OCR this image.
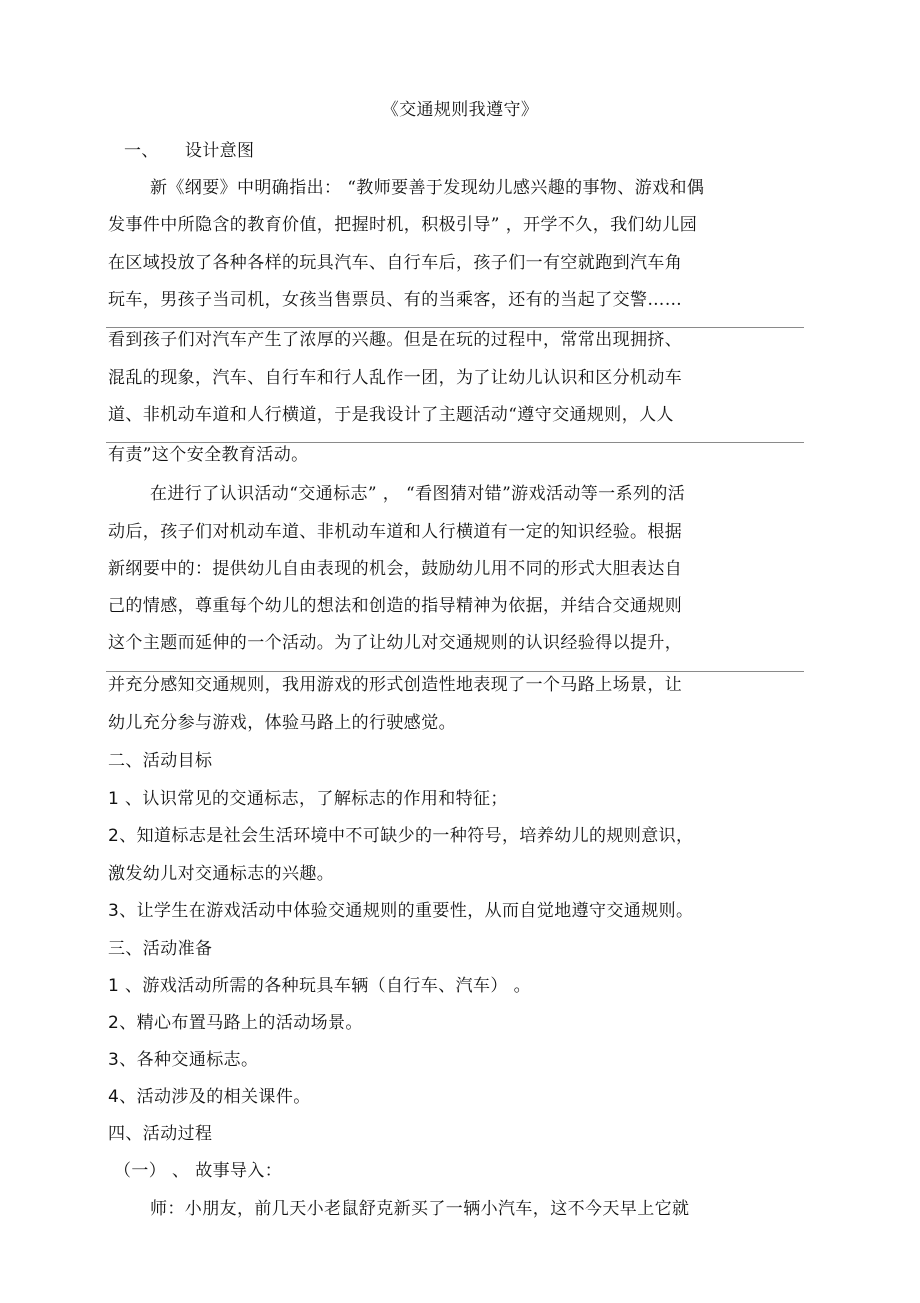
《交通规则我遵守》
一、 设计意图
新《纲要》中明确指出： “教师要善于发现幼儿感兴趣的事物、游戏和偶
发事件中所隐含的教育价值，把握时机，积极引导” ，开学不久，我们幼儿园
在区域投放了各种各样的玩具汽车、自行车后，孩子们一有空就跑到汽车角
玩车，男孩子当司机，女孩当售票员、有的当乘客，还有的当起了交警……
看到孩子们对汽车产生了浓厚的兴趣。但是在玩的过程中，常常出现拥挤、
混乱的现象，汽车、自行车和行人乱作一团，为了让幼儿认识和区分机动车
道、非机动车道和人行横道，于是我设计了主题活动“遵守交通规则，人人
有责”这个安全教育活动。
在进行了认识活动“交通标志” ， “看图猜对错”游戏活动等一系列的活
动后，孩子们对机动车道、非机动车道和人行横道有一定的知识经验。根据
新纲要中的：提供幼儿自由表现的机会，鼓励幼儿用不同的形式大胆表达自
己的情感，尊重每个幼儿的想法和创造的指导精神为依据，并结合交通规则
这个主题而延伸的一个活动。为了让幼儿对交通规则的认识经验得以提升，
并充分感知交通规则，我用游戏的形式创造性地表现了一个马路上场景，让
幼儿充分参与游戏，体验马路上的行驶感觉。
二、活动目标
1 、认识常见的交通标志，了解标志的作用和特征；
2、知道标志是社会生活环境中不可缺少的一种符号，培养幼儿的规则意识，
激发幼儿对交通标志的兴趣。
3、让学生在游戏活动中体验交通规则的重要性，从而自觉地遵守交通规则。
三、活动准备
1 、游戏活动所需的各种玩具车辆（自行车、汽车） 。
2、精心布置马路上的活动场景。
3、各种交通标志。
4、活动涉及的相关课件。
四、活动过程
（一） 、 故事导入：
师：小朋友，前几天小老鼠舒克新买了一辆小汽车，这不今天早上它就
